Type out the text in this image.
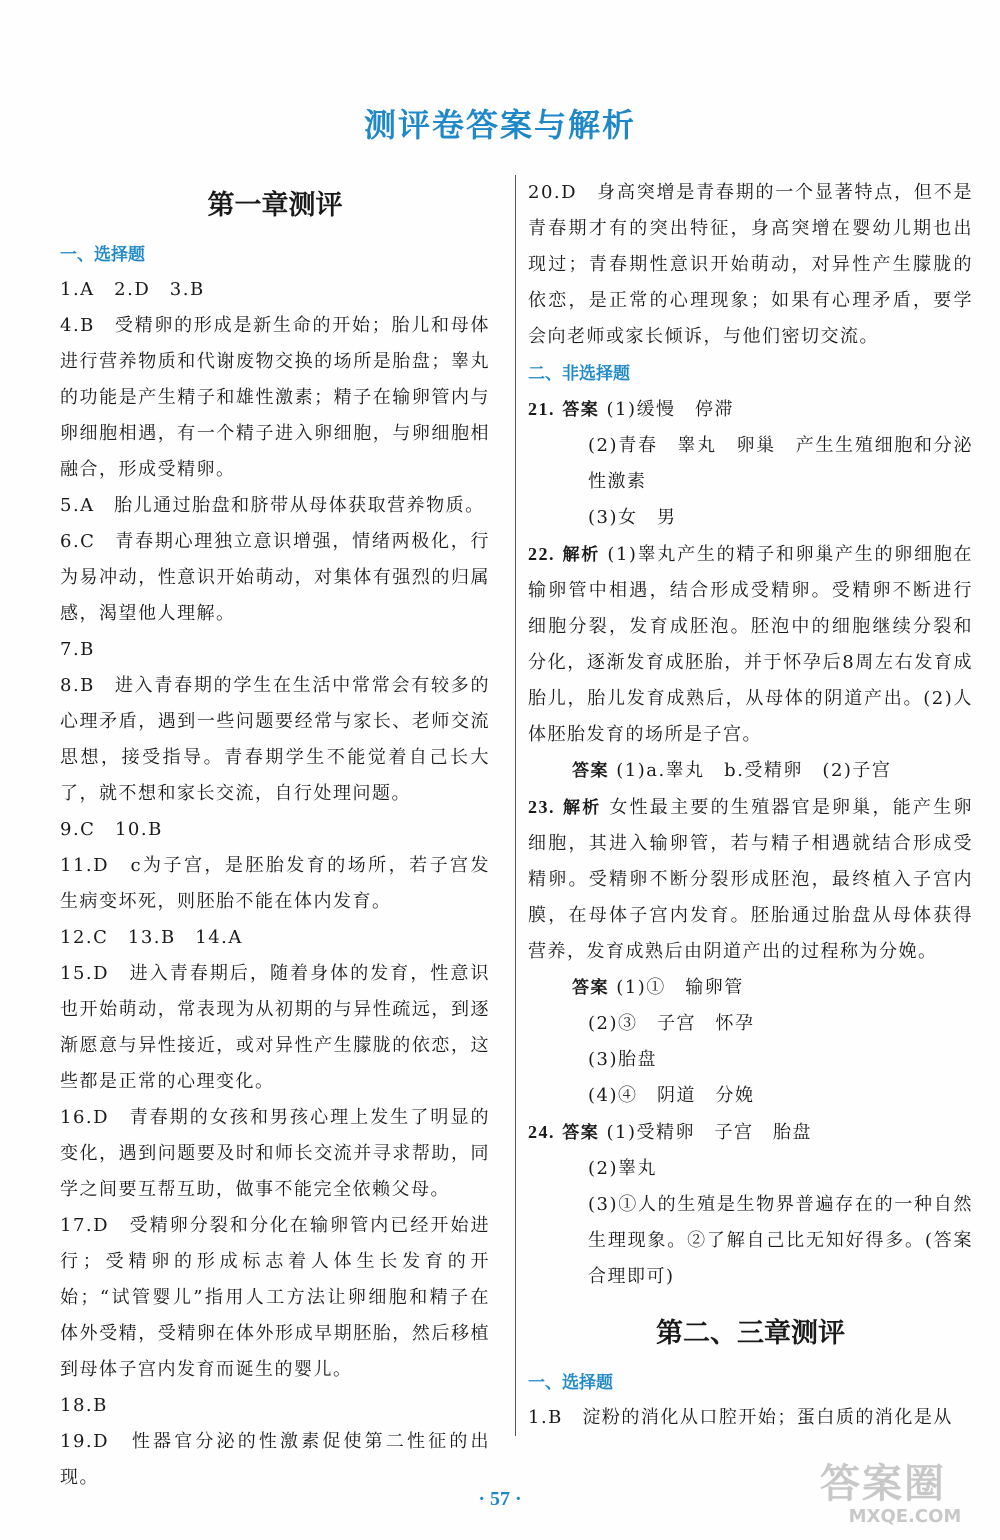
测评卷答案与解析
第一章测评
一、选择题
1.A　2.D　3.B
4.B　受精卵的形成是新生命的开始；胎儿和母体进行营养物质和代谢废物交换的场所是胎盘；睾丸的功能是产生精子和雄性激素；精子在输卵管内与卵细胞相遇，有一个精子进入卵细胞，与卵细胞相融合，形成受精卵。
5.A　胎儿通过胎盘和脐带从母体获取营养物质。
6.C　青春期心理独立意识增强，情绪两极化，行为易冲动，性意识开始萌动，对集体有强烈的归属感，渴望他人理解。
7.B
8.B　进入青春期的学生在生活中常常会有较多的心理矛盾，遇到一些问题要经常与家长、老师交流思想，接受指导。青春期学生不能觉着自己长大了，就不想和家长交流，自行处理问题。
9.C　10.B
11.D　c为子宫，是胚胎发育的场所，若子宫发生病变坏死，则胚胎不能在体内发育。
12.C　13.B　14.A
15.D　进入青春期后，随着身体的发育，性意识也开始萌动，常表现为从初期的与异性疏远，到逐渐愿意与异性接近，或对异性产生朦胧的依恋，这些都是正常的心理变化。
16.D　青春期的女孩和男孩心理上发生了明显的变化，遇到问题要及时和师长交流并寻求帮助，同学之间要互帮互助，做事不能完全依赖父母。
17.D　受精卵分裂和分化在输卵管内已经开始进行；受精卵的形成标志着人体生长发育的开始；“试管婴儿”指用人工方法让卵细胞和精子在体外受精，受精卵在体外形成早期胚胎，然后移植到母体子宫内发育而诞生的婴儿。
18.B
19.D　性器官分泌的性激素促使第二性征的出现。
20.D　身高突增是青春期的一个显著特点，但不是青春期才有的突出特征，身高突增在婴幼儿期也出现过；青春期性意识开始萌动，对异性产生朦胧的依恋，是正常的心理现象；如果有心理矛盾，要学会向老师或家长倾诉，与他们密切交流。
二、非选择题
21. 答案 (1)缓慢　停滞
(2)青春　睾丸　卵巢　产生生殖细胞和分泌性激素
(3)女　男
22. 解析 (1)睾丸产生的精子和卵巢产生的卵细胞在输卵管中相遇，结合形成受精卵。受精卵不断进行细胞分裂，发育成胚泡。胚泡中的细胞继续分裂和分化，逐渐发育成胚胎，并于怀孕后8周左右发育成胎儿，胎儿发育成熟后，从母体的阴道产出。(2)人体胚胎发育的场所是子宫。
答案 (1)a.睾丸　b.受精卵　(2)子宫
23. 解析 女性最主要的生殖器官是卵巢，能产生卵细胞，其进入输卵管，若与精子相遇就结合形成受精卵。受精卵不断分裂形成胚泡，最终植入子宫内膜，在母体子宫内发育。胚胎通过胎盘从母体获得营养，发育成熟后由阴道产出的过程称为分娩。
答案 (1)①　输卵管
(2)③　子宫　怀孕
(3)胎盘
(4)④　阴道　分娩
24. 答案 (1)受精卵　子宫　胎盘
(2)睾丸
(3)①人的生殖是生物界普遍存在的一种自然生理现象。②了解自己比无知好得多。(答案合理即可)
第二、三章测评
一、选择题
1.B　淀粉的消化从口腔开始；蛋白质的消化是从
· 57 ·	答案圈
MXQE.COM
